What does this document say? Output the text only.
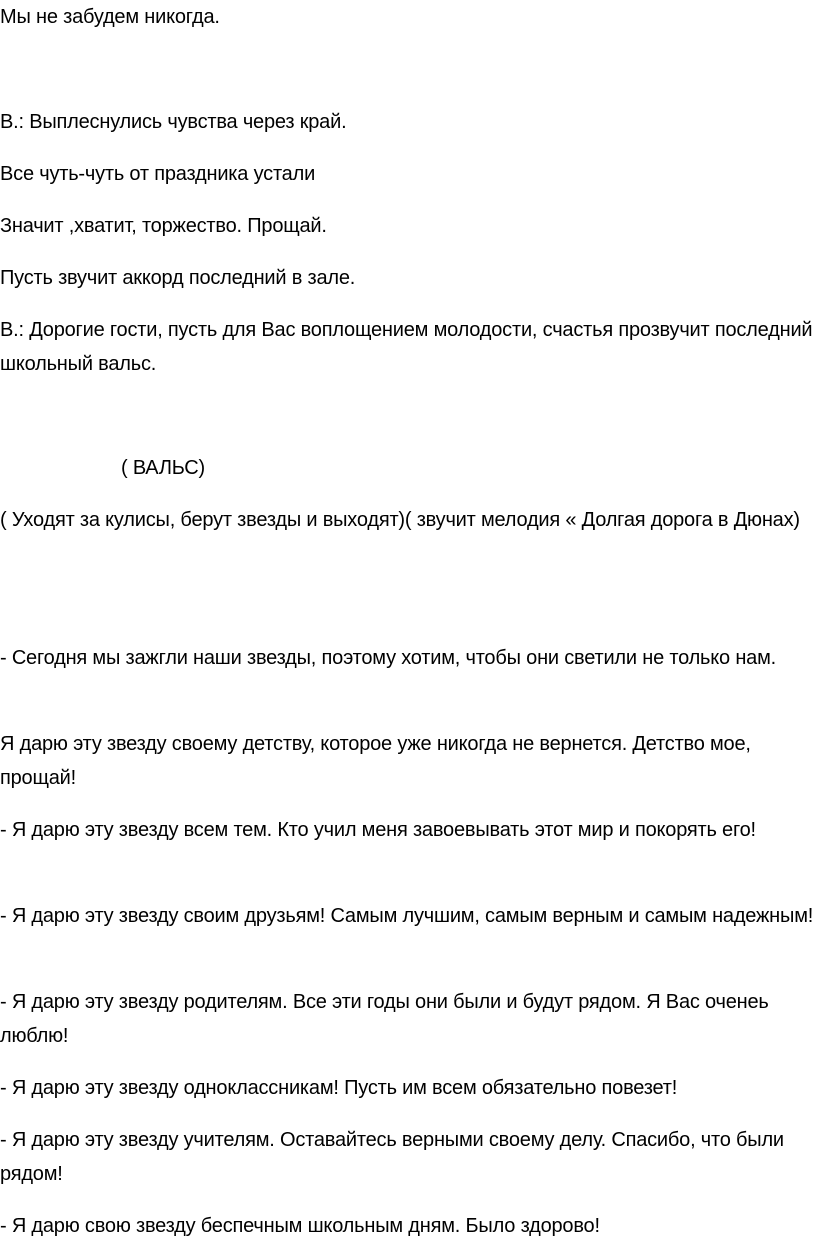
Мы не забудем никогда.

В.: Выплеснулись чувства через край.

Все чуть-чуть от праздника устали

Значит ,хватит, торжество. Прощай.

Пусть звучит аккорд последний в зале.

В.: Дорогие гости, пусть для Вас воплощением молодости, счастья прозвучит последний школьный вальс.

( ВАЛЬС)

( Уходят за кулисы, берут звезды и выходят)( звучит мелодия « Долгая дорога в Дюнах)

- Сегодня мы зажгли наши звезды, поэтому хотим, чтобы они светили не только нам.

Я дарю эту звезду своему детству, которое уже никогда не вернется. Детство мое, прощай!

- Я дарю эту звезду всем тем. Кто учил меня завоевывать этот мир и покорять его!

- Я дарю эту звезду своим друзьям! Самым лучшим, самым верным и самым надежным!

- Я дарю эту звезду родителям. Все эти годы они были и будут рядом. Я Вас оченеь люблю!

- Я дарю эту звезду одноклассникам! Пусть им всем обязательно повезет!

- Я дарю эту звезду учителям. Оставайтесь верными своему делу. Спасибо, что были рядом!

- Я дарю свою звезду беспечным школьным дням. Было здорово!
